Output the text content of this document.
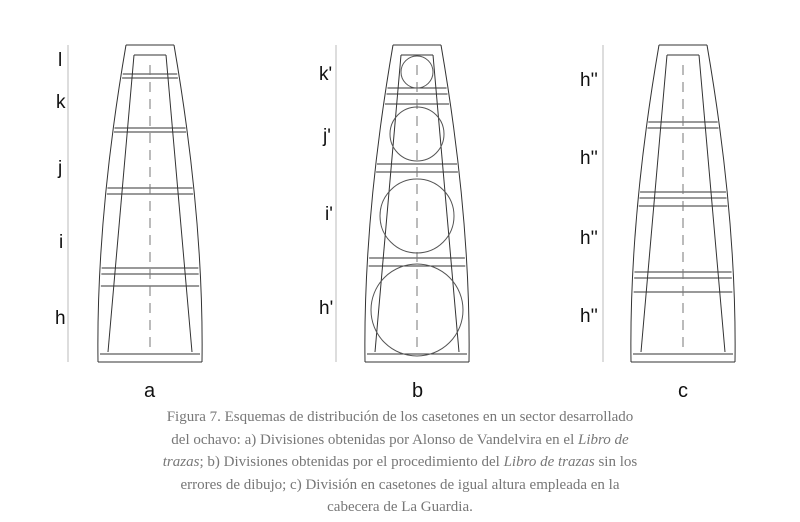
l
k
j
i
h
k'
j'
i'
h'
h''
h''
h''
h''
a	b	c

Figura 7. Esquemas de distribución de los casetones en un sector desarrollado del ochavo: a) Divisiones obtenidas por Alonso de Vandelvira en el Libro de trazas; b) Divisiones obtenidas por el procedimiento del Libro de trazas sin los errores de dibujo; c) División en casetones de igual altura empleada en la cabecera de La Guardia.
